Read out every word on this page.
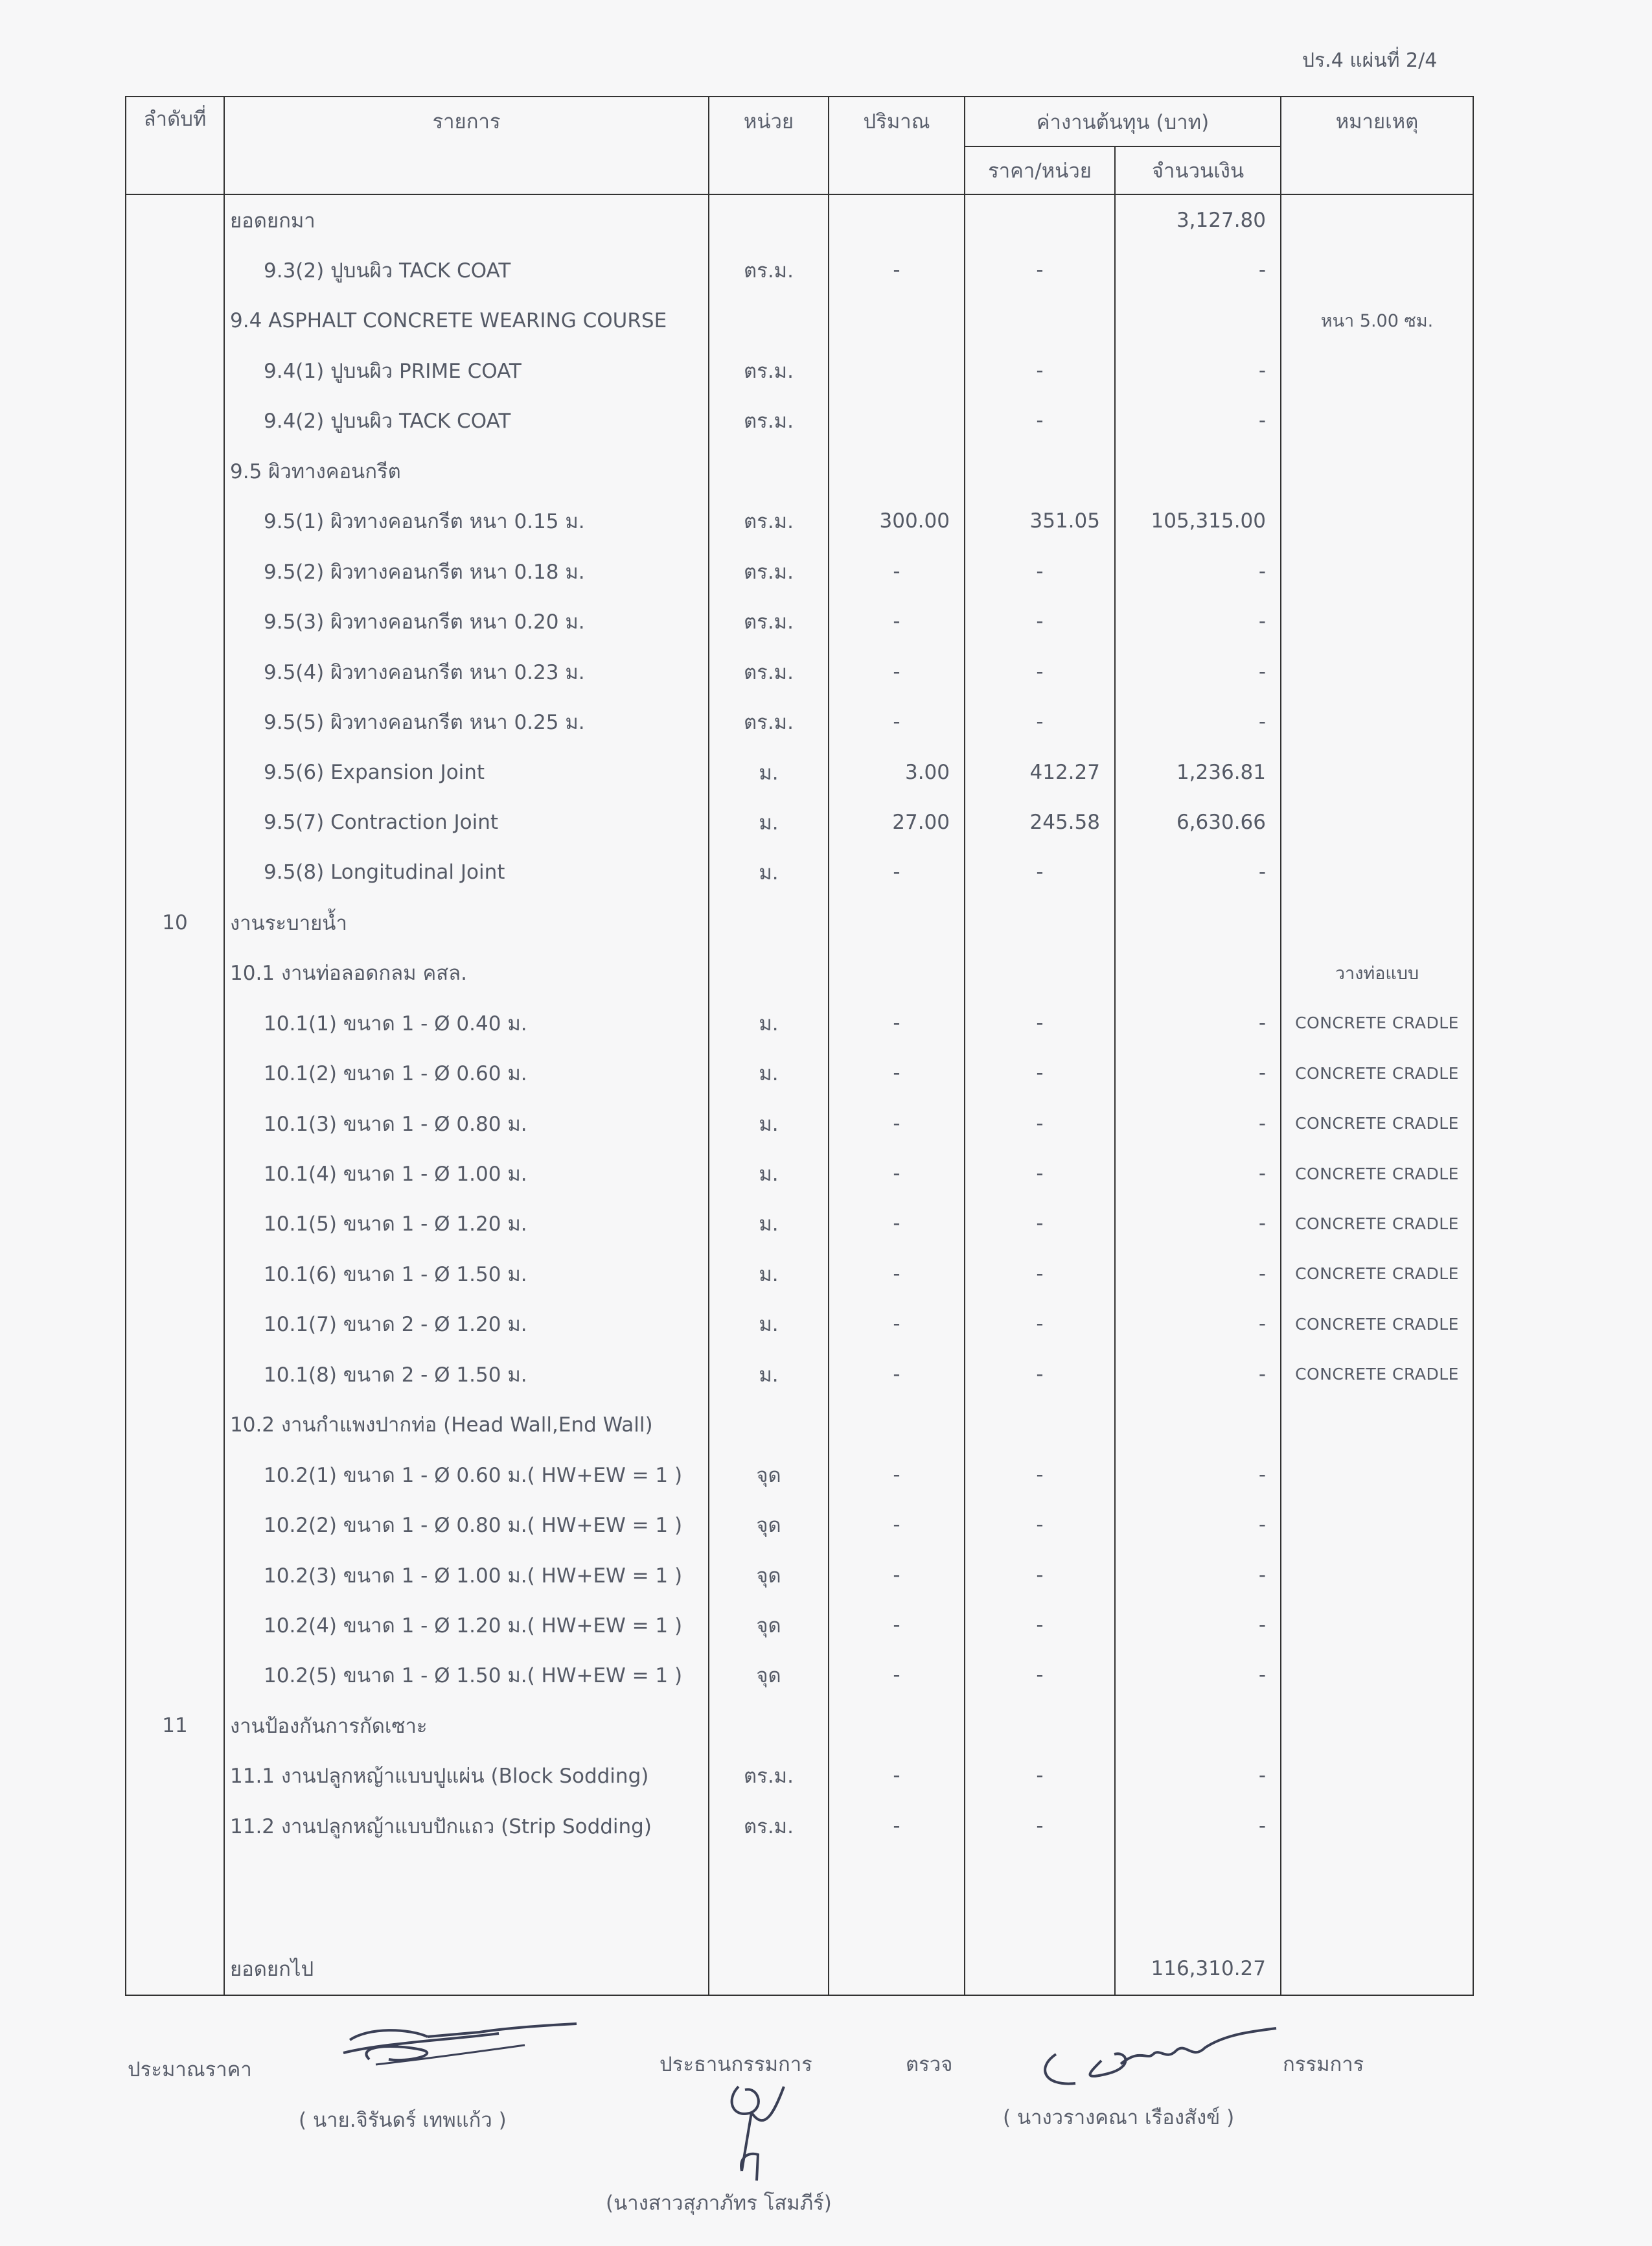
ปร.4 แผ่นที่ 2/4
ลำดับที่	รายการ	หน่วย	ปริมาณ	ค่างานต้นทุน (บาท)		หมายเหตุ
				ราคา/หน่วย	จำนวนเงิน	
	ยอดยกมา				3,127.80	
	9.3(2) ปูบนผิว TACK COAT	ตร.ม.	-	-	-	
	9.4 ASPHALT CONCRETE WEARING COURSE					หนา 5.00 ซม.
	9.4(1) ปูบนผิว PRIME COAT	ตร.ม.		-	-	
	9.4(2) ปูบนผิว TACK COAT	ตร.ม.		-	-	
	9.5 ผิวทางคอนกรีต					
	9.5(1) ผิวทางคอนกรีต หนา 0.15 ม.	ตร.ม.	300.00	351.05	105,315.00	
	9.5(2) ผิวทางคอนกรีต หนา 0.18 ม.	ตร.ม.	-	-	-	
	9.5(3) ผิวทางคอนกรีต หนา 0.20 ม.	ตร.ม.	-	-	-	
	9.5(4) ผิวทางคอนกรีต หนา 0.23 ม.	ตร.ม.	-	-	-	
	9.5(5) ผิวทางคอนกรีต หนา 0.25 ม.	ตร.ม.	-	-	-	
	9.5(6) Expansion Joint	ม.	3.00	412.27	1,236.81	
	9.5(7) Contraction Joint	ม.	27.00	245.58	6,630.66	
	9.5(8) Longitudinal Joint	ม.	-	-	-	
10	งานระบายน้ำ					
	10.1 งานท่อลอดกลม คสล.					วางท่อแบบ
	10.1(1) ขนาด 1 - Ø 0.40 ม.	ม.	-	-	-	CONCRETE CRADLE
	10.1(2) ขนาด 1 - Ø 0.60 ม.	ม.	-	-	-	CONCRETE CRADLE
	10.1(3) ขนาด 1 - Ø 0.80 ม.	ม.	-	-	-	CONCRETE CRADLE
	10.1(4) ขนาด 1 - Ø 1.00 ม.	ม.	-	-	-	CONCRETE CRADLE
	10.1(5) ขนาด 1 - Ø 1.20 ม.	ม.	-	-	-	CONCRETE CRADLE
	10.1(6) ขนาด 1 - Ø 1.50 ม.	ม.	-	-	-	CONCRETE CRADLE
	10.1(7) ขนาด 2 - Ø 1.20 ม.	ม.	-	-	-	CONCRETE CRADLE
	10.1(8) ขนาด 2 - Ø 1.50 ม.	ม.	-	-	-	CONCRETE CRADLE
	10.2 งานกำแพงปากท่อ (Head Wall,End Wall)					
	10.2(1) ขนาด 1 - Ø 0.60 ม.( HW+EW = 1 )	จุด	-	-	-	
	10.2(2) ขนาด 1 - Ø 0.80 ม.( HW+EW = 1 )	จุด	-	-	-	
	10.2(3) ขนาด 1 - Ø 1.00 ม.( HW+EW = 1 )	จุด	-	-	-	
	10.2(4) ขนาด 1 - Ø 1.20 ม.( HW+EW = 1 )	จุด	-	-	-	
	10.2(5) ขนาด 1 - Ø 1.50 ม.( HW+EW = 1 )	จุด	-	-	-	
11	งานป้องกันการกัดเซาะ					
	11.1 งานปลูกหญ้าแบบปูแผ่น (Block Sodding)	ตร.ม.	-	-	-	
	11.2 งานปลูกหญ้าแบบปักแถว (Strip Sodding)	ตร.ม.	-	-	-	

	ยอดยกไป				116,310.27	
ประมาณราคา
( นาย.จิรันดร์ เทพแก้ว )
ประธานกรรมการ
(นางสาวสุภาภัทร โสมภีร์)
ตรวจ	กรรมการ
( นางวรางคณา เรืองสังข์ )
